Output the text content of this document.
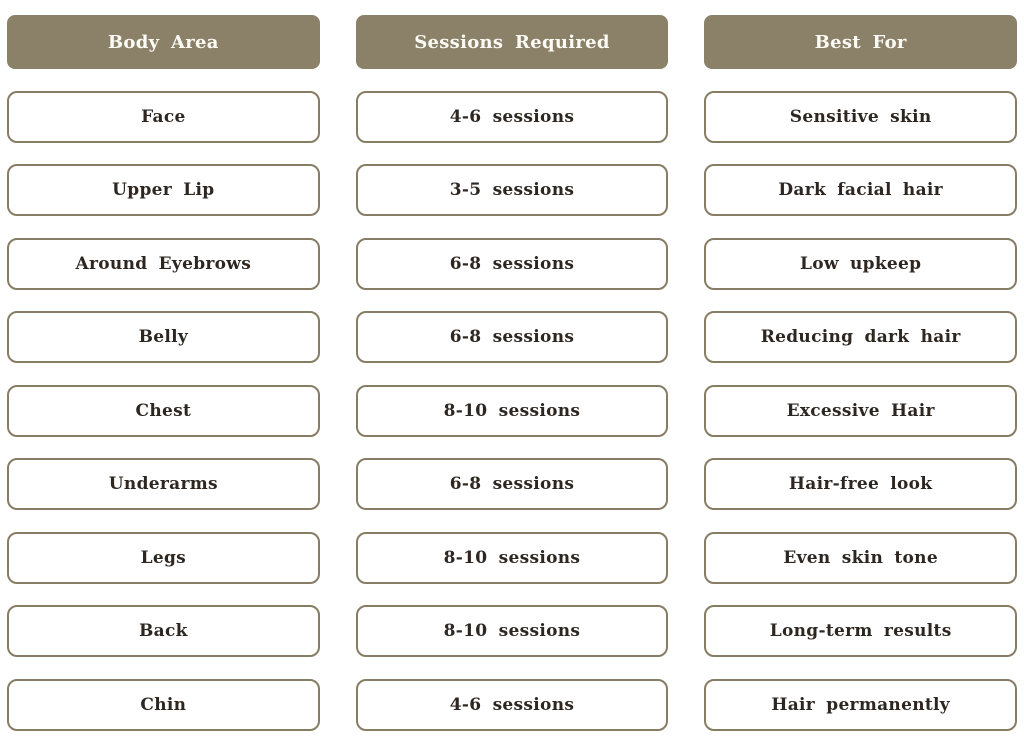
Body Area	Sessions Required	Best For
Face	4-6 sessions	Sensitive skin
Upper Lip	3-5 sessions	Dark facial hair
Around Eyebrows	6-8 sessions	Low upkeep
Belly	6-8 sessions	Reducing dark hair
Chest	8-10 sessions	Excessive Hair
Underarms	6-8 sessions	Hair-free look
Legs	8-10 sessions	Even skin tone
Back	8-10 sessions	Long-term results
Chin	4-6 sessions	Hair permanently
